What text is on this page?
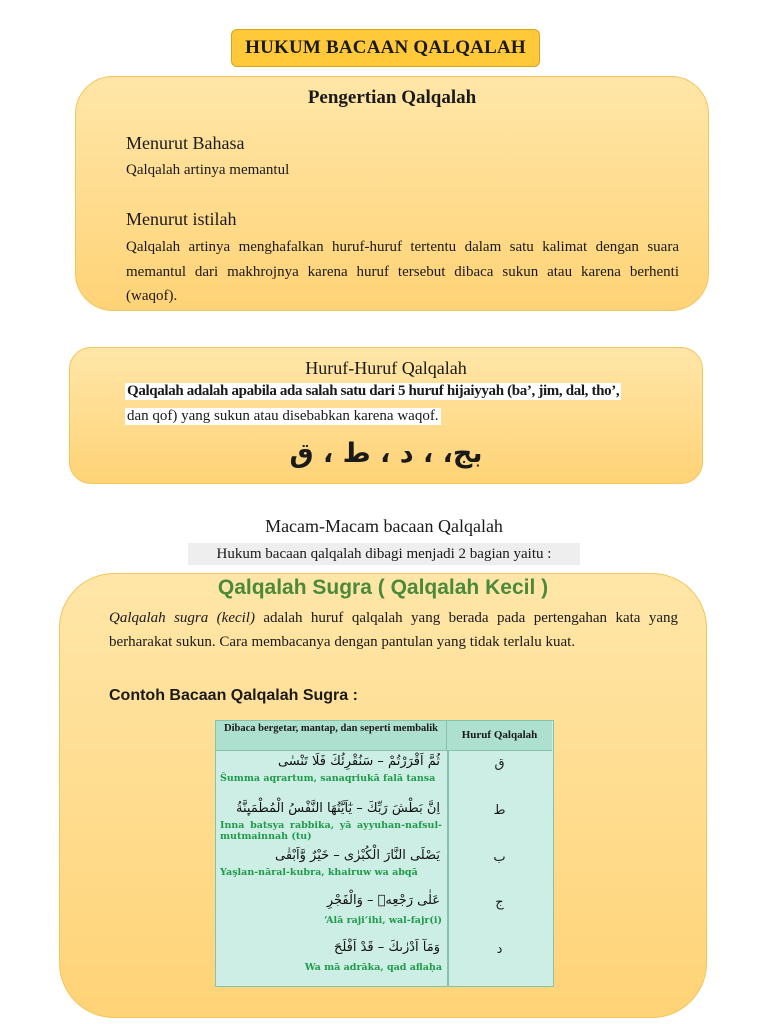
HUKUM BACAAN QALQALAH
Pengertian Qalqalah
Menurut Bahasa
Qalqalah artinya memantul
Menurut istilah
Qalqalah artinya menghafalkan huruf-huruf tertentu dalam satu kalimat dengan suara memantul dari makhrojnya karena huruf tersebut dibaca sukun atau karena berhenti (waqof).
Huruf-Huruf Qalqalah
Qalqalah adalah apabila ada salah satu dari 5 huruf hijaiyyah (ba’, jim, dal, tho’,
dan qof) yang sukun atau disebabkan karena waqof.
بج، ، د ، ط ، ق
Macam-Macam bacaan Qalqalah
Hukum bacaan qalqalah dibagi menjadi 2 bagian yaitu :
Qalqalah Sugra ( Qalqalah Kecil )
Qalqalah sugra (kecil) adalah huruf qalqalah yang berada pada pertengahan kata yang berharakat sukun. Cara membacanya dengan pantulan yang tidak terlalu kuat.
Contoh Bacaan Qalqalah Sugra :
Dibaca bergetar, mantap, dan seperti membalik
Huruf Qalqalah
ثُمَّ اَقْرَرْتُمْ – سَنُقْرِئُكَ فَلَا تَنْسٰى
Ŝumma aqrartum, sanaqriukā falā tansa
ق
اِنَّ بَطْشَ رَبِّكَ – يٰٓاَيَّتُهَا النَّفْسُ الْمُطْمَىِٕنَّةُ
Inna batsya rabbika, yā ayyuhan-nafsul-mutmainnah (tu)
ط
يَصْلَى النَّارَ الْكُبْرٰى – خَيْرٌ وَّاَبْقٰى
Yaşlan-nāral-kubra, khairuw wa abqā
ب
عَلٰى رَجْعِهٖ – وَالْفَجْرِ
‘Alā raji‘ihi, wal-fajr(i)
ج
وَمَآ اَدْرٰىكَ – قَدْ اَفْلَحَ
Wa mā adrāka, qad aflaḥa
د
